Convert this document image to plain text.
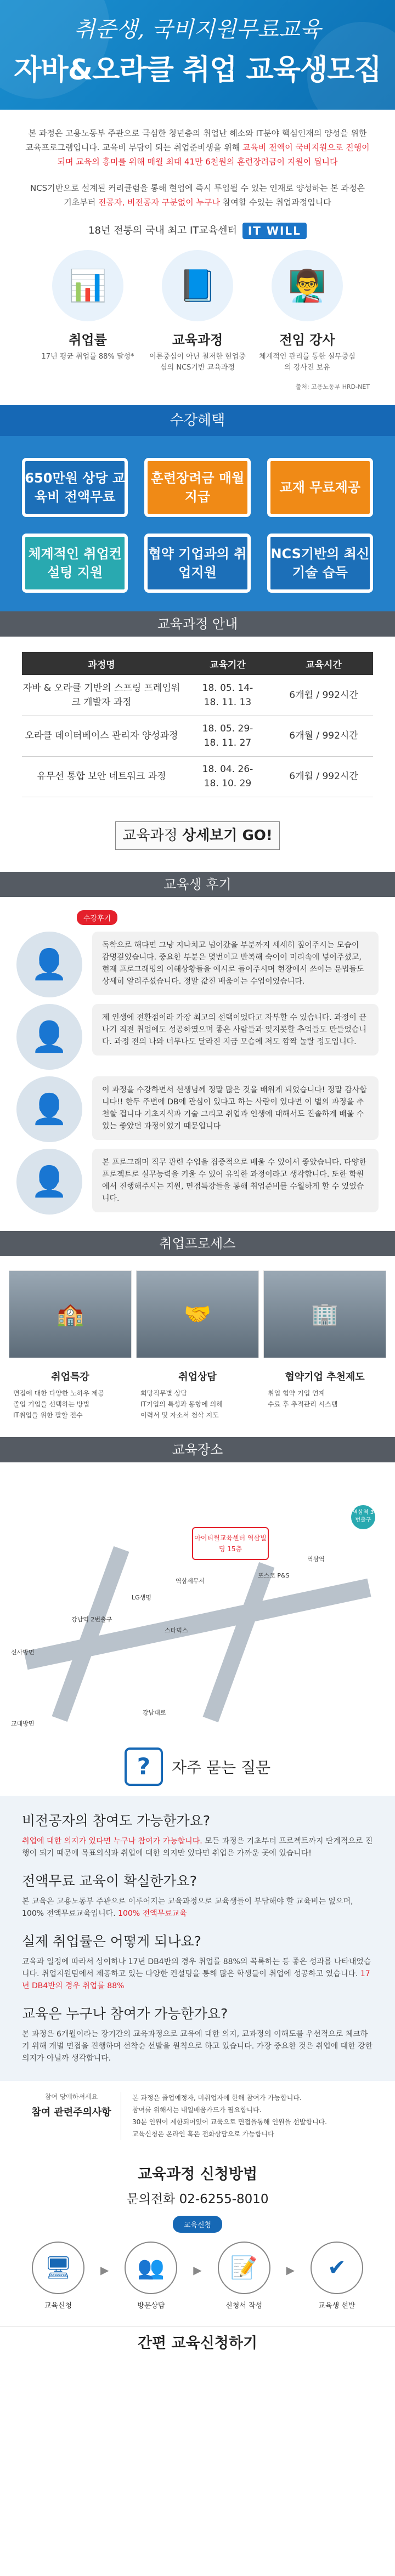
취준생, 국비지원무료교육
자바&오라클 취업 교육생모집

본 과정은 고용노동부 주관으로 극심한 청년층의 취업난 해소와 IT분야 핵심인재의 양성을 위한 교육프로그램입니다. 교육비 부담이 되는 취업준비생을 위해 교육비 전액이 국비지원으로 진행이 되며 교육의 흥미를 위해 매월 최대 41만 6천원의 훈련장려금이 지원이 됩니다

NCS기반으로 설계된 커리큘럼을 통해 현업에 즉시 투입될 수 있는 인재로 양성하는 본 과정은 기초부터 전공자, 비전공자 구분없이 누구나 참여할 수있는 취업과정입니다

18년 전통의 국내 최고 IT교육센터	IT WILL
📊
취업률
17년 평균 취업률 88% 달성*
📘
교육과정
이론중심이 아닌 철저한 현업중심의 NCS기반 교육과정
👨‍🏫
전임 강사
체계적인 관리를 통한 실무중심의 강사진 보유
출처: 고용노동부 HRD-NET
수강혜택
650만원 상당 교육비 전액무료
훈련장려금 매월 지급
교재 무료제공
체계적인 취업컨설팅 지원
협약 기업과의 취업지원
NCS기반의 최신 기술 습득
교육과정 안내
과정명	교육기간	교육시간
자바 & 오라클 기반의 스프링 프레임워크 개발자 과정	18. 05. 14-18. 11. 13	6개월 / 992시간
오라클 데이터베이스 관리자 양성과정	18. 05. 29-18. 11. 27	6개월 / 992시간
유무선 통합 보안 네트워크 과정	18. 04. 26-18. 10. 29	6개월 / 992시간
교육과정 상세보기 GO!
교육생 후기
수강후기
👤
독학으로 해다면 그냥 지나치고 넘어갔을 부분까지 세세히 짚어주시는 모습이 감명깊었습니다. 중요한 부분은 몇번이고 반복해 숙어어 머리속에 넣어주셨고, 현재 프로그래밍의 이해상황들을 예시로 들어주시며 현장에서 쓰이는 문법들도 상세히 알려주셨습니다. 정말 값진 배움이는 수업이었습니다.
👤
제 인생에 전환점이라 가장 최고의 선택이었다고 자부할 수 있습니다. 과정이 끝나기 직전 취업에도 성공하였으며 좋은 사람들과 잊지못할 추억들도 만들었습니다. 과정 전의 나와 너무나도 달라진 지금 모습에 저도 깜짝 놀랄 정도입니다.
👤
이 과정을 수강하면서 선생님께 정말 많은 것을 배워게 되었습니다! 정말 감사합니다!! 한두 주변에 DB에 관심이 있다고 하는 사람이 있다면 이 별의 과정을 추천할 겁니다 기초지식과 기술 그리고 취업과 인생에 대해서도 진솔하게 배울 수 있는 좋았던 과정이었기 때문입니다
👤
본 프로그래머 직무 관련 수업을 집중적으로 배울 수 있어서 좋았습니다. 다양한 프로젝트로 실무능력을 키울 수 있어 유익한 과정이라고 생각합니다. 또한 학원에서 진행해주시는 지원, 면접특강들을 통해 취업준비를 수월하게 할 수 있었습니다.
취업프로세스
🏫	🤝	🏢
취업특강
면접에 대한 다양한 노하우 제공
졸업 기업을 선택하는 방법
IT취업을 위한 팔할 전수
취업상담
희망직무별 상담
IT기업의 특성과 동향에 의해
이력서 및 자소서 첨삭 지도
협약기업 추천제도
취업 협약 기업 연계
수료 후 추적관리 시스템
교육장소
아이티윌교육센터 역삼빌딩 15층
역삼역 3번출구
신사방면
교대방면
강남역 2번출구
LG생명
스타벅스
역삼세무서
포스코 P&S
역삼역
강남대로
?	자주 묻는 질문
비전공자의 참여도 가능한가요?
취업에 대한 의지가 있다면 누구나 참여가 가능합니다. 모든 과정은 기초부터 프로젝트까지 단계적으로 진행이 되기 때문에 목표의식과 취업에 대한 의지만 있다면 취업은 가까운 곳에 있습니다!
전액무료 교육이 확실한가요?
본 교육은 고용노동부 주관으로 이루어지는 교육과정으로 교육생들이 부담해야 할 교육비는 없으며, 100% 전액무료교육입니다. 100% 전액무료교육
실제 취업률은 어떻게 되나요?
교육과 일정에 따라서 상이하나 17년 DB4반의 경우 취업률 88%의 목록하는 등 좋은 성과를 나타내었습니다. 취업지원팀에서 제공하고 있는 다양한 컨설팅을 통해 많은 학생들이 취업에 성공하고 있습니다. 17년 DB4반의 경우 취업률 88%
교육은 누구나 참여가 가능한가요?
본 과정은 6개월이라는 장기간의 교육과정으로 교육에 대한 의지, 교과정의 이해도를 우선적으로 체크하기 위해 개별 면접을 진행하며 선착순 선발을 원칙으로 하고 있습니다. 가장 중요한 것은 취업에 대한 강한 의지가 아닐까 생각합니다.
참여 당에하셔세요
참여 관련주의사항
본 과정은 졸업예정자, 미취업자에 한해 참여가 가능합니다.
참여를 위해서는 내일배움카드가 필요합니다.
30분 인원이 제한되어있어 교육으로 면접을통해 인원을 선발합니다.
교육신청은 온라인 혹은 전화상담으로 가능합니다
교육과정 신청방법
문의전화 02-6255-8010
교육신청
🖥
교육신청
▶	👥
방문상담
▶	📝
신청서 작성
▶	✔
교육생 선발
간편 교육신청하기
